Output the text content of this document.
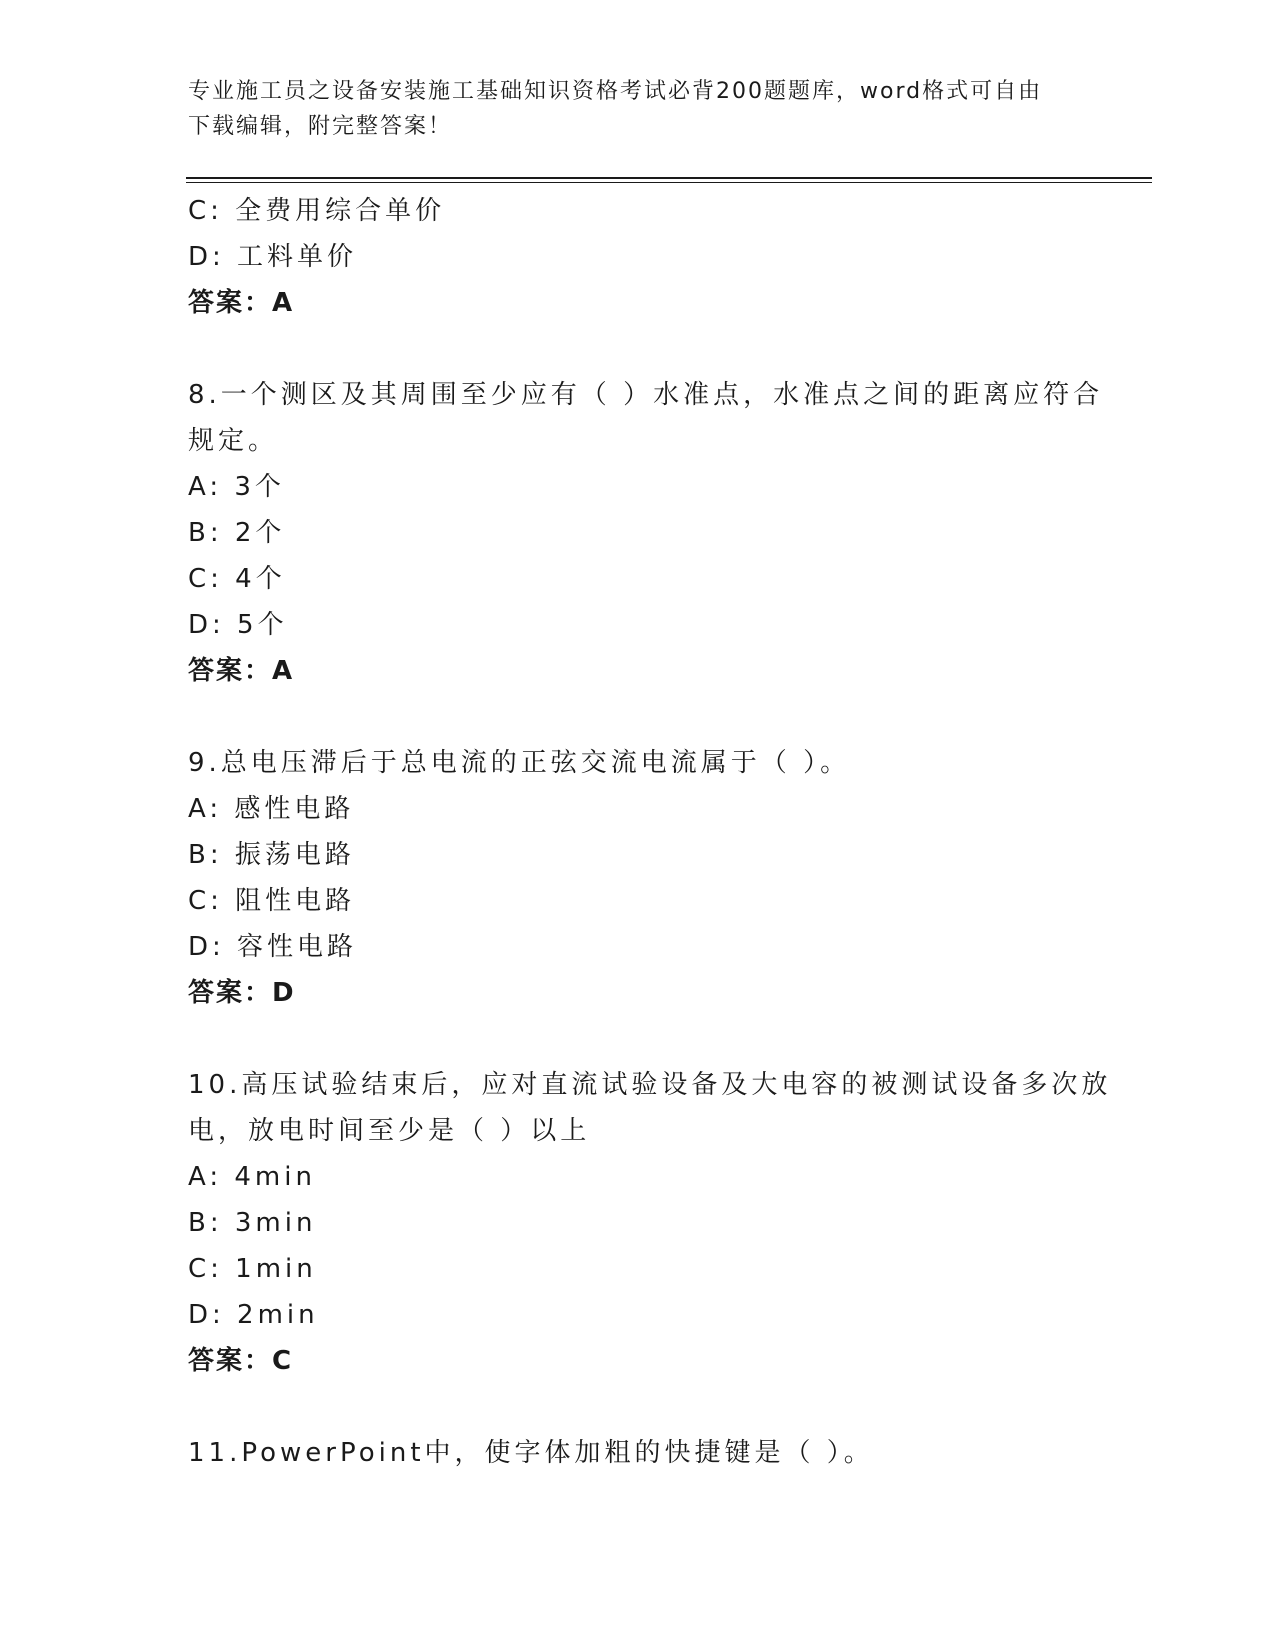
专业施工员之设备安装施工基础知识资格考试必背200题题库，word格式可自由
下载编辑，附完整答案！
C: 全费用综合单价
D: 工料单价
答案：A
8.一个测区及其周围至少应有（ ）水准点，水准点之间的距离应符合
规定。
A: 3个
B: 2个
C: 4个
D: 5个
答案：A
9.总电压滞后于总电流的正弦交流电流属于（ ）。
A: 感性电路
B: 振荡电路
C: 阻性电路
D: 容性电路
答案：D
10.高压试验结束后，应对直流试验设备及大电容的被测试设备多次放
电，放电时间至少是（ ）以上
A: 4min
B: 3min
C: 1min
D: 2min
答案：C
11.PowerPoint中，使字体加粗的快捷键是（ ）。
